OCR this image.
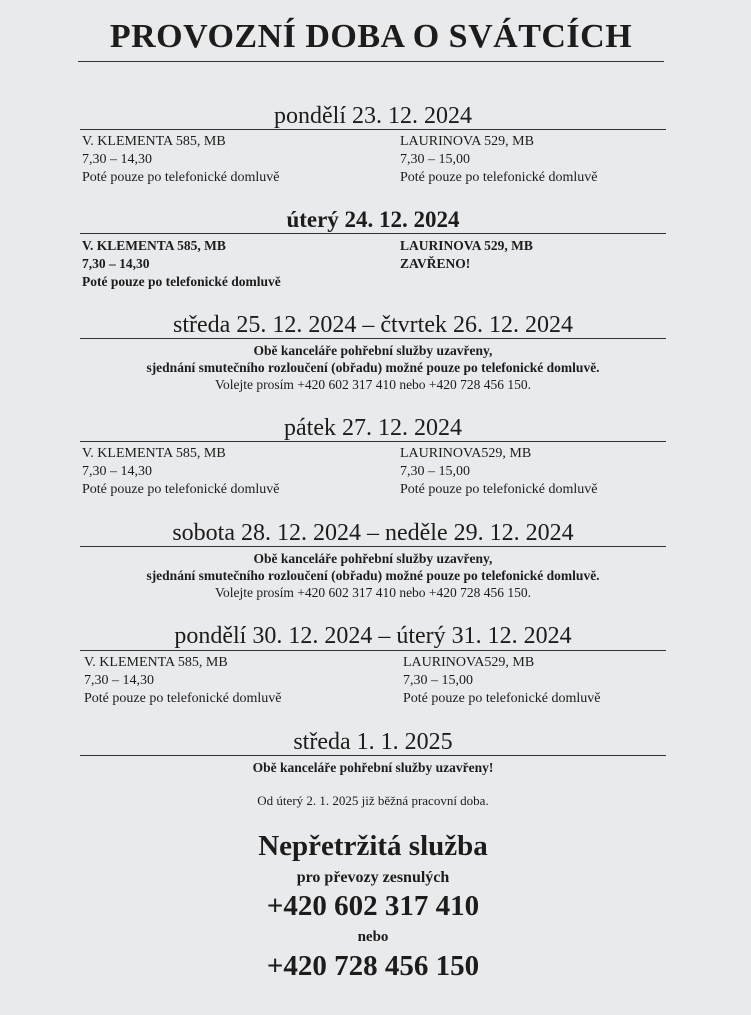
PROVOZNÍ DOBA O SVÁTCÍCH
pondělí 23. 12. 2024
V. KLEMENTA 585, MB
7,30 – 14,30
Poté pouze po telefonické domluvě
LAURINOVA 529, MB
7,30 – 15,00
Poté pouze po telefonické domluvě
úterý 24. 12. 2024
V. KLEMENTA 585, MB
7,30 – 14,30
Poté pouze po telefonické domluvě
LAURINOVA 529, MB
ZAVŘENO!
středa 25. 12. 2024 – čtvrtek 26. 12. 2024
Obě kanceláře pohřební služby uzavřeny,
sjednání smutečního rozloučení (obřadu) možné pouze po telefonické domluvě.
Volejte prosím +420 602 317 410 nebo +420 728 456 150.
pátek 27. 12. 2024
V. KLEMENTA 585, MB
7,30 – 14,30
Poté pouze po telefonické domluvě
LAURINOVA529, MB
7,30 – 15,00
Poté pouze po telefonické domluvě
sobota 28. 12. 2024 – neděle 29. 12. 2024
Obě kanceláře pohřební služby uzavřeny,
sjednání smutečního rozloučení (obřadu) možné pouze po telefonické domluvě.
Volejte prosím +420 602 317 410 nebo +420 728 456 150.
pondělí 30. 12. 2024 – úterý 31. 12. 2024
V. KLEMENTA 585, MB
7,30 – 14,30
Poté pouze po telefonické domluvě
LAURINOVA529, MB
7,30 – 15,00
Poté pouze po telefonické domluvě
středa 1. 1. 2025
Obě kanceláře pohřební služby uzavřeny!
Od úterý 2. 1. 2025 již běžná pracovní doba.
Nepřetržitá služba
pro převozy zesnulých
+420 602 317 410
nebo
+420 728 456 150
